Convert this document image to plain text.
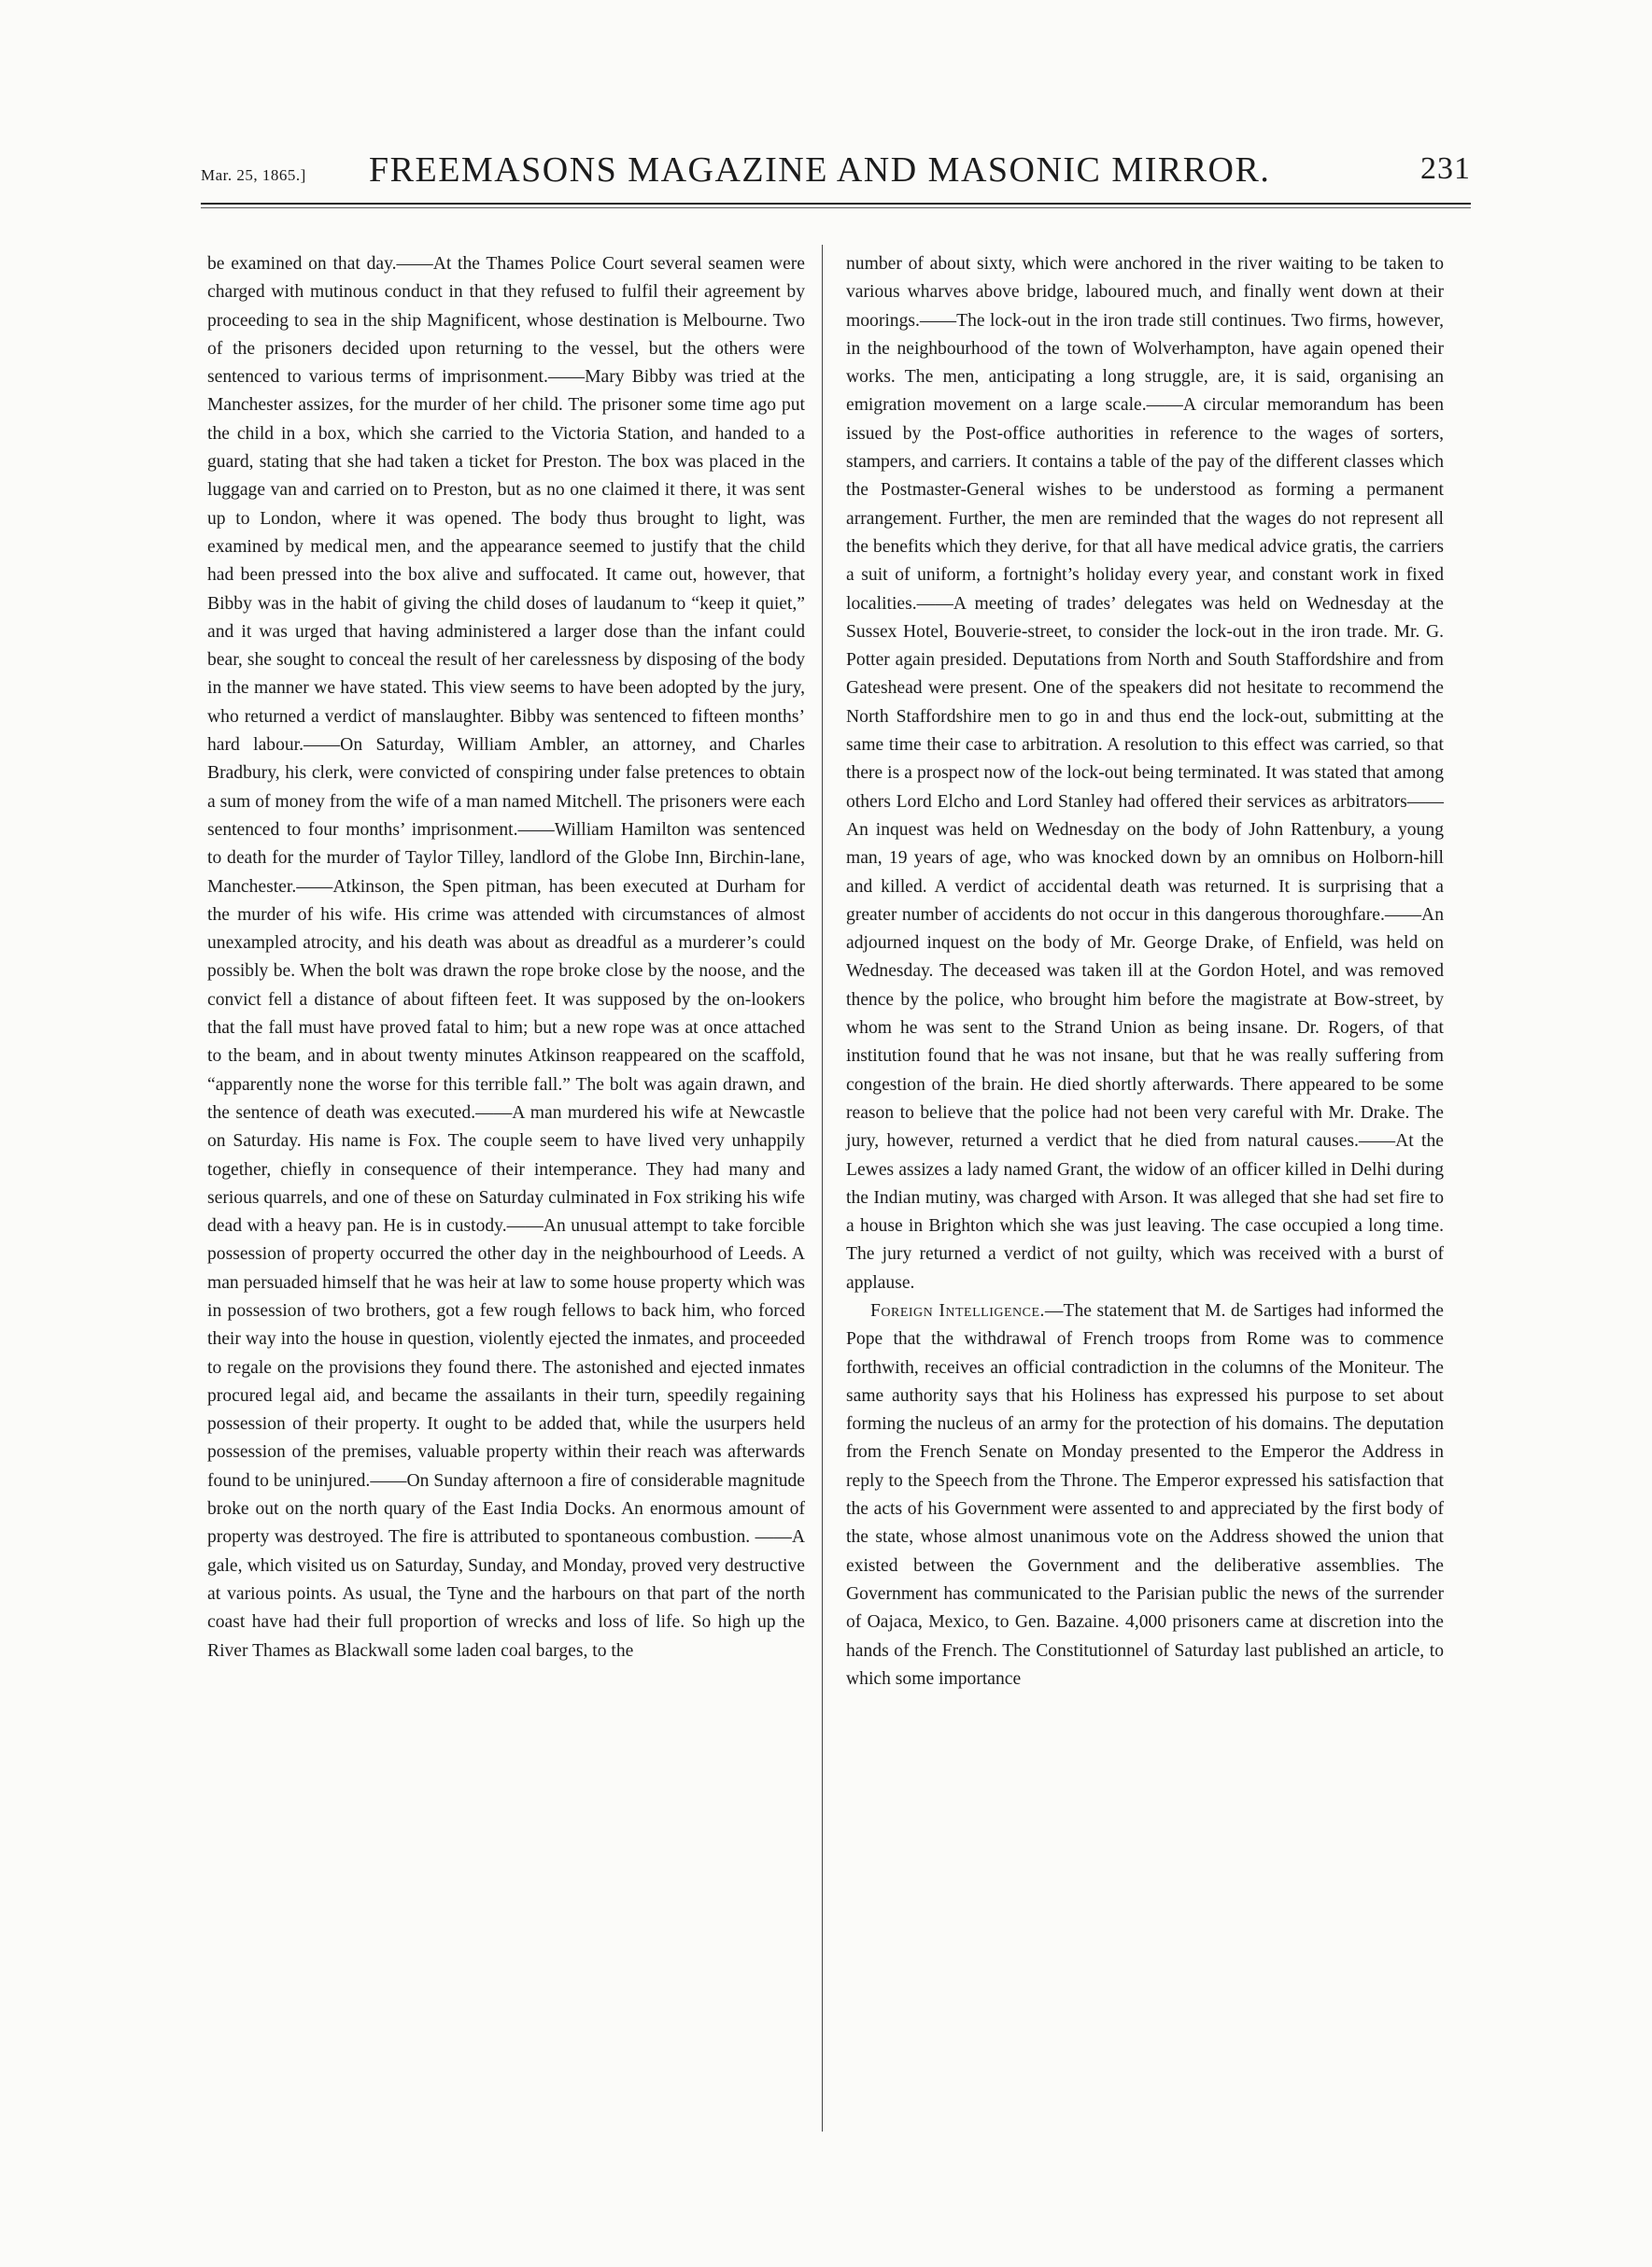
Mar. 25, 1865.] FREEMASONS MAGAZINE AND MASONIC MIRROR.	231

be examined on that day.——At the Thames Police Court several seamen were charged with mutinous conduct in that they refused to fulfil their agreement by proceeding to sea in the ship Magnificent, whose destination is Melbourne. Two of the prisoners decided upon returning to the vessel, but the others were sentenced to various terms of imprisonment.——Mary Bibby was tried at the Manchester assizes, for the murder of her child. The prisoner some time ago put the child in a box, which she carried to the Victoria Station, and handed to a guard, stating that she had taken a ticket for Preston. The box was placed in the luggage van and carried on to Preston, but as no one claimed it there, it was sent up to London, where it was opened. The body thus brought to light, was examined by medical men, and the appearance seemed to justify that the child had been pressed into the box alive and suffocated. It came out, however, that Bibby was in the habit of giving the child doses of laudanum to “keep it quiet,” and it was urged that having administered a larger dose than the infant could bear, she sought to conceal the result of her carelessness by disposing of the body in the manner we have stated. This view seems to have been adopted by the jury, who returned a verdict of manslaughter. Bibby was sentenced to fifteen months’ hard labour.——On Saturday, William Ambler, an attorney, and Charles Bradbury, his clerk, were convicted of conspiring under false pretences to obtain a sum of money from the wife of a man named Mitchell. The prisoners were each sentenced to four months’ imprisonment.——William Hamilton was sentenced to death for the murder of Taylor Tilley, landlord of the Globe Inn, Birchin-lane, Manchester.——Atkinson, the Spen pitman, has been executed at Durham for the murder of his wife. His crime was attended with circumstances of almost unexampled atrocity, and his death was about as dreadful as a murderer’s could possibly be. When the bolt was drawn the rope broke close by the noose, and the convict fell a distance of about fifteen feet. It was supposed by the on-lookers that the fall must have proved fatal to him; but a new rope was at once attached to the beam, and in about twenty minutes Atkinson reappeared on the scaffold, “apparently none the worse for this terrible fall.” The bolt was again drawn, and the sentence of death was executed.——A man murdered his wife at Newcastle on Saturday. His name is Fox. The couple seem to have lived very unhappily together, chiefly in consequence of their intemperance. They had many and serious quarrels, and one of these on Saturday culminated in Fox striking his wife dead with a heavy pan. He is in custody.——An unusual attempt to take forcible possession of property occurred the other day in the neighbourhood of Leeds. A man persuaded himself that he was heir at law to some house property which was in possession of two brothers, got a few rough fellows to back him, who forced their way into the house in question, violently ejected the inmates, and proceeded to regale on the provisions they found there. The astonished and ejected inmates procured legal aid, and became the assailants in their turn, speedily regaining possession of their property. It ought to be added that, while the usurpers held possession of the premises, valuable property within their reach was afterwards found to be uninjured.——On Sunday afternoon a fire of considerable magnitude broke out on the north quary of the East India Docks. An enormous amount of property was destroyed. The fire is attributed to spontaneous combustion. ——A gale, which visited us on Saturday, Sunday, and Monday, proved very destructive at various points. As usual, the Tyne and the harbours on that part of the north coast have had their full proportion of wrecks and loss of life. So high up the River Thames as Blackwall some laden coal barges, to the

number of about sixty, which were anchored in the river waiting to be taken to various wharves above bridge, laboured much, and finally went down at their moorings.——The lock-out in the iron trade still continues. Two firms, however, in the neighbourhood of the town of Wolverhampton, have again opened their works. The men, anticipating a long struggle, are, it is said, organising an emigration movement on a large scale.——A circular memorandum has been issued by the Post-office authorities in reference to the wages of sorters, stampers, and carriers. It contains a table of the pay of the different classes which the Postmaster-General wishes to be understood as forming a permanent arrangement. Further, the men are reminded that the wages do not represent all the benefits which they derive, for that all have medical advice gratis, the carriers a suit of uniform, a fortnight’s holiday every year, and constant work in fixed localities.——A meeting of trades’ delegates was held on Wednesday at the Sussex Hotel, Bouverie-street, to consider the lock-out in the iron trade. Mr. G. Potter again presided. Deputations from North and South Staffordshire and from Gateshead were present. One of the speakers did not hesitate to recommend the North Staffordshire men to go in and thus end the lock-out, submitting at the same time their case to arbitration. A resolution to this effect was carried, so that there is a prospect now of the lock-out being terminated. It was stated that among others Lord Elcho and Lord Stanley had offered their services as arbitrators——An inquest was held on Wednesday on the body of John Rattenbury, a young man, 19 years of age, who was knocked down by an omnibus on Holborn-hill and killed. A verdict of accidental death was returned. It is surprising that a greater number of accidents do not occur in this dangerous thoroughfare.——An adjourned inquest on the body of Mr. George Drake, of Enfield, was held on Wednesday. The deceased was taken ill at the Gordon Hotel, and was removed thence by the police, who brought him before the magistrate at Bow-street, by whom he was sent to the Strand Union as being insane. Dr. Rogers, of that institution found that he was not insane, but that he was really suffering from congestion of the brain. He died shortly afterwards. There appeared to be some reason to believe that the police had not been very careful with Mr. Drake. The jury, however, returned a verdict that he died from natural causes.——At the Lewes assizes a lady named Grant, the widow of an officer killed in Delhi during the Indian mutiny, was charged with Arson. It was alleged that she had set fire to a house in Brighton which she was just leaving. The case occupied a long time. The jury returned a verdict of not guilty, which was received with a burst of applause.

Foreign Intelligence.—The statement that M. de Sartiges had informed the Pope that the withdrawal of French troops from Rome was to commence forthwith, receives an official contradiction in the columns of the Moniteur. The same authority says that his Holiness has expressed his purpose to set about forming the nucleus of an army for the protection of his domains. The deputation from the French Senate on Monday presented to the Emperor the Address in reply to the Speech from the Throne. The Emperor expressed his satisfaction that the acts of his Government were assented to and appreciated by the first body of the state, whose almost unanimous vote on the Address showed the union that existed between the Government and the deliberative assemblies. The Government has communicated to the Parisian public the news of the surrender of Oajaca, Mexico, to Gen. Bazaine. 4,000 prisoners came at discretion into the hands of the French. The Constitutionnel of Saturday last published an article, to which some importance
